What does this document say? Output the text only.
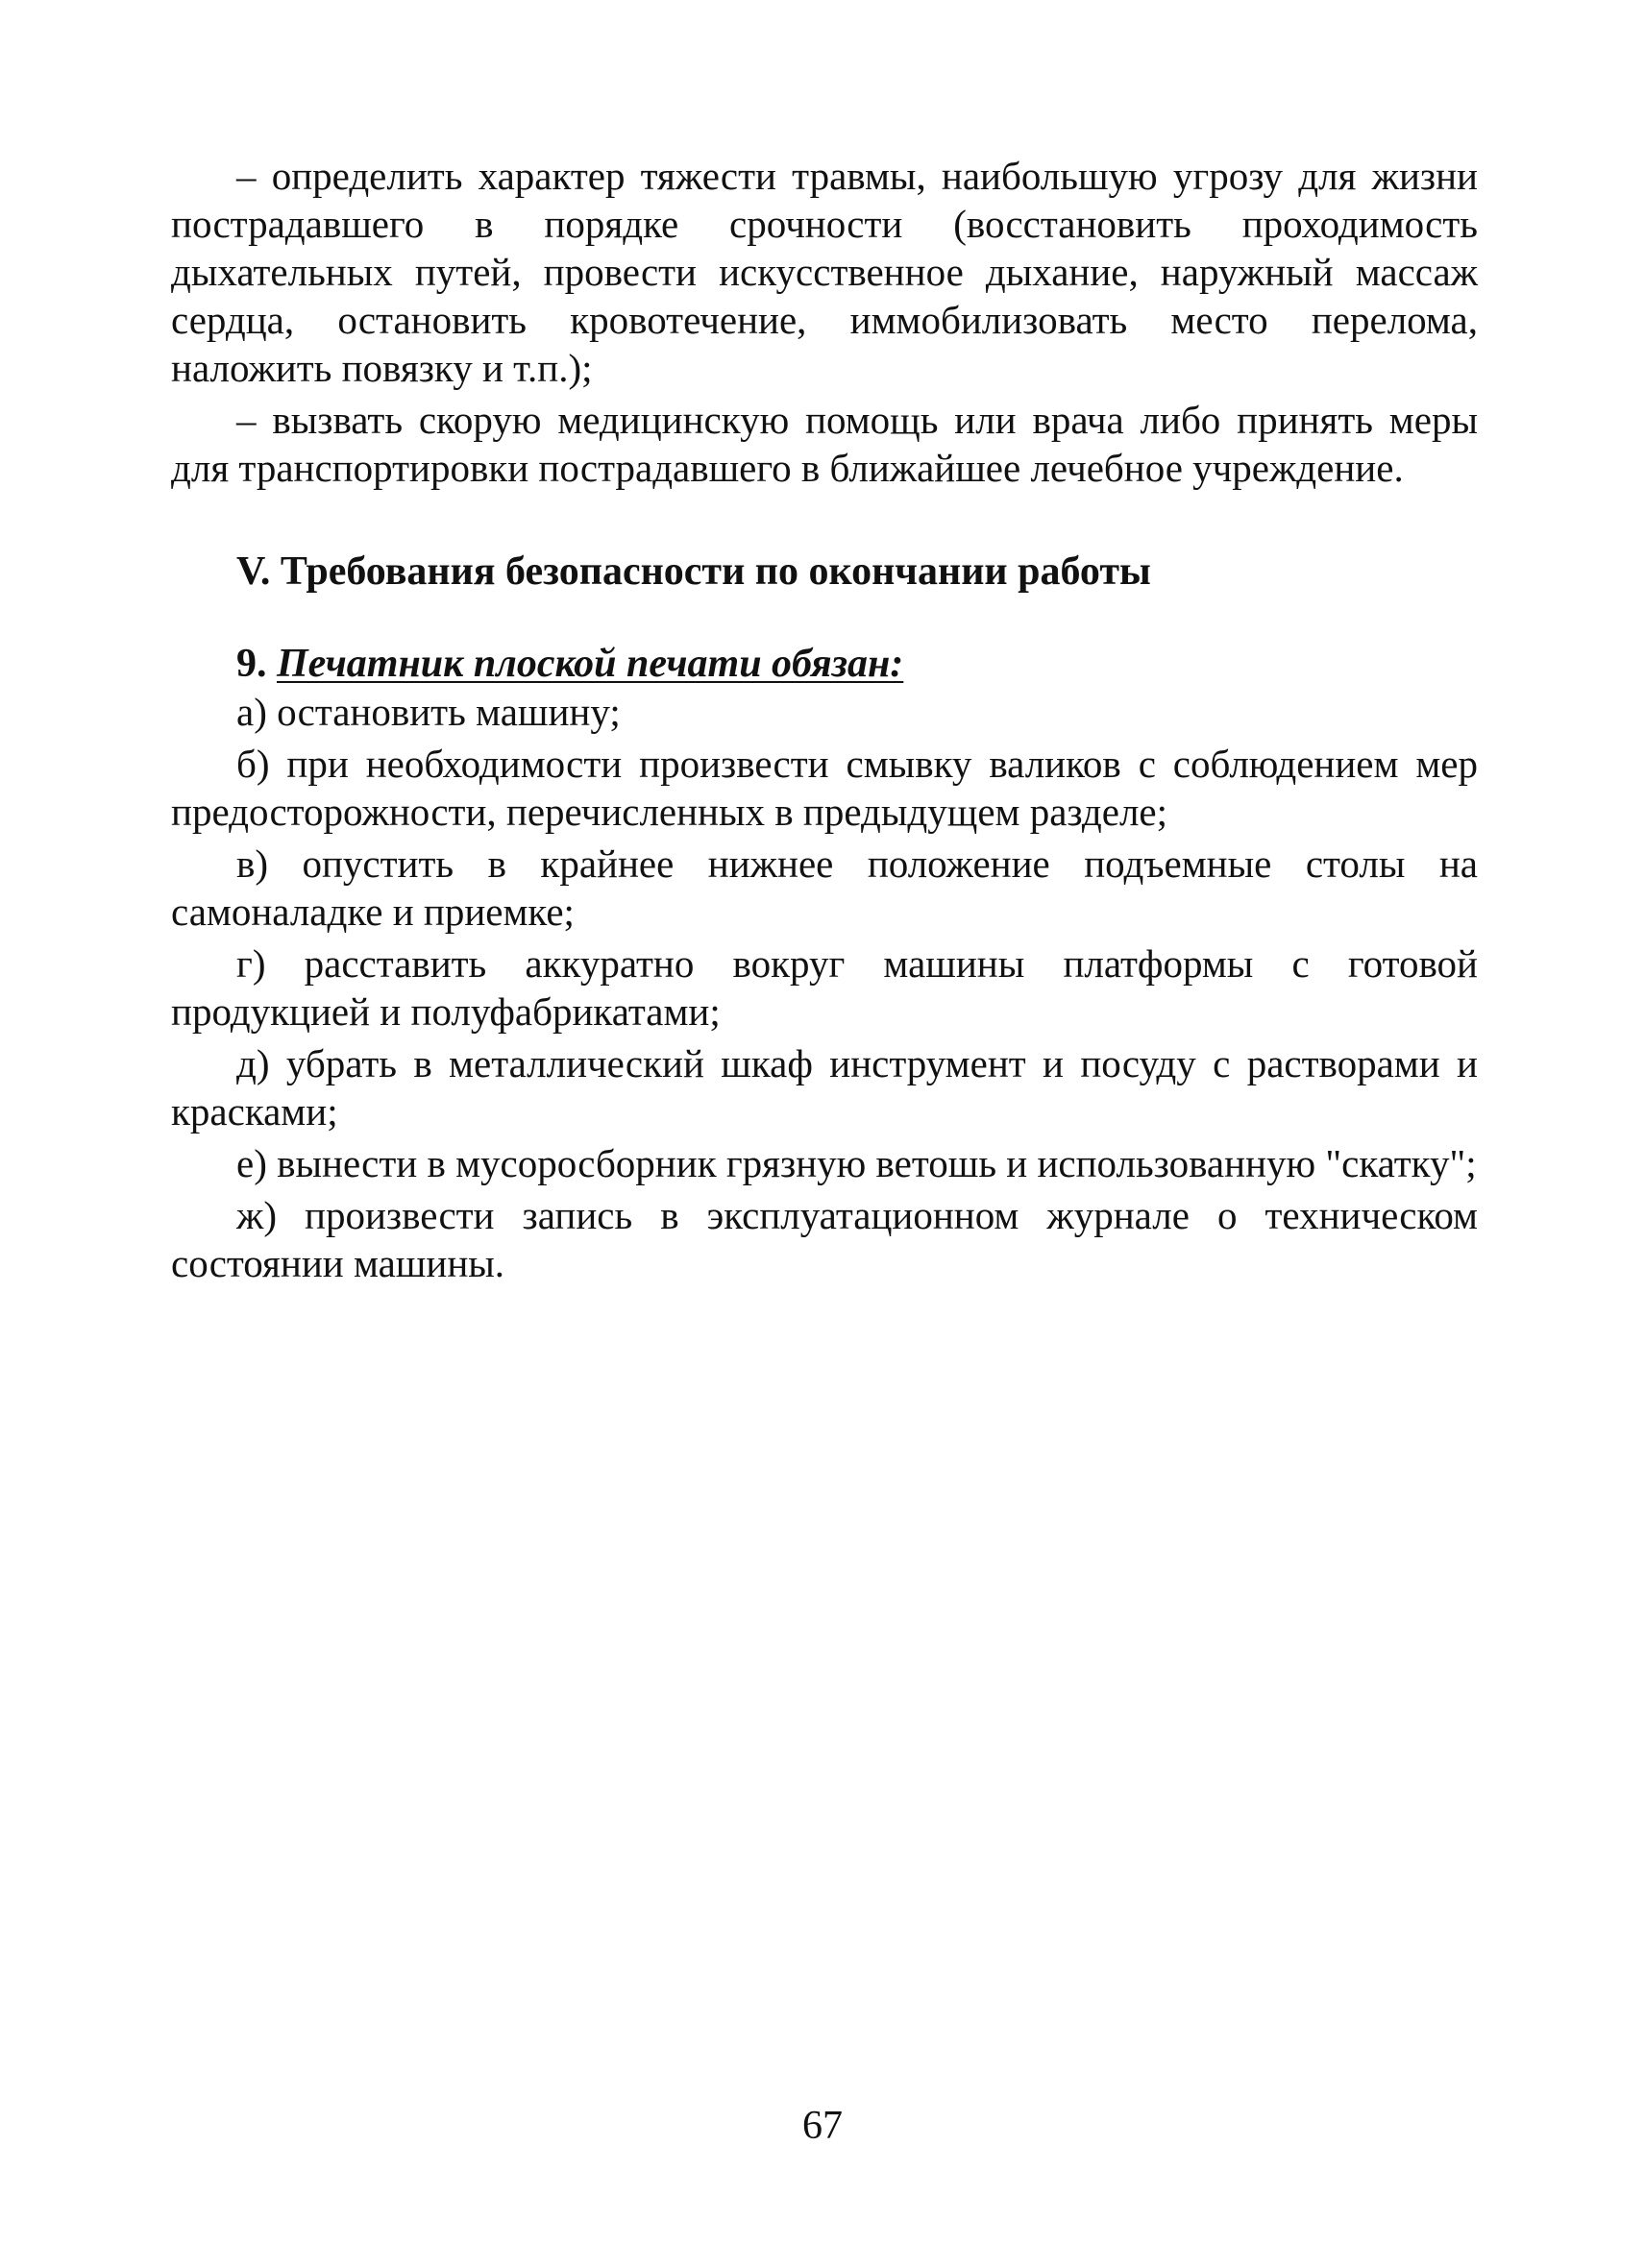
– определить характер тяжести травмы, наибольшую угрозу для жизни пострадавшего в порядке срочности (восстановить проходимость дыхательных путей, провести искусственное дыхание, наружный массаж сердца, остановить кровотечение, иммобилизовать место перелома, наложить повязку и т.п.);

– вызвать скорую медицинскую помощь или врача либо принять меры для транспортировки пострадавшего в ближайшее лечебное учреждение.

V. Требования безопасности по окончании работы

9. Печатник плоской печати обязан:

а) остановить машину;

б) при необходимости произвести смывку валиков с соблюдением мер предосторожности, перечисленных в предыдущем разделе;

в) опустить в крайнее нижнее положение подъемные столы на самоналадке и приемке;

г) расставить аккуратно вокруг машины платформы с готовой продукцией и полуфабрикатами;

д) убрать в металлический шкаф инструмент и посуду с растворами и красками;

е) вынести в мусоросборник грязную ветошь и использованную "скатку";

ж) произвести запись в эксплуатационном журнале о техническом состоянии машины.

67
